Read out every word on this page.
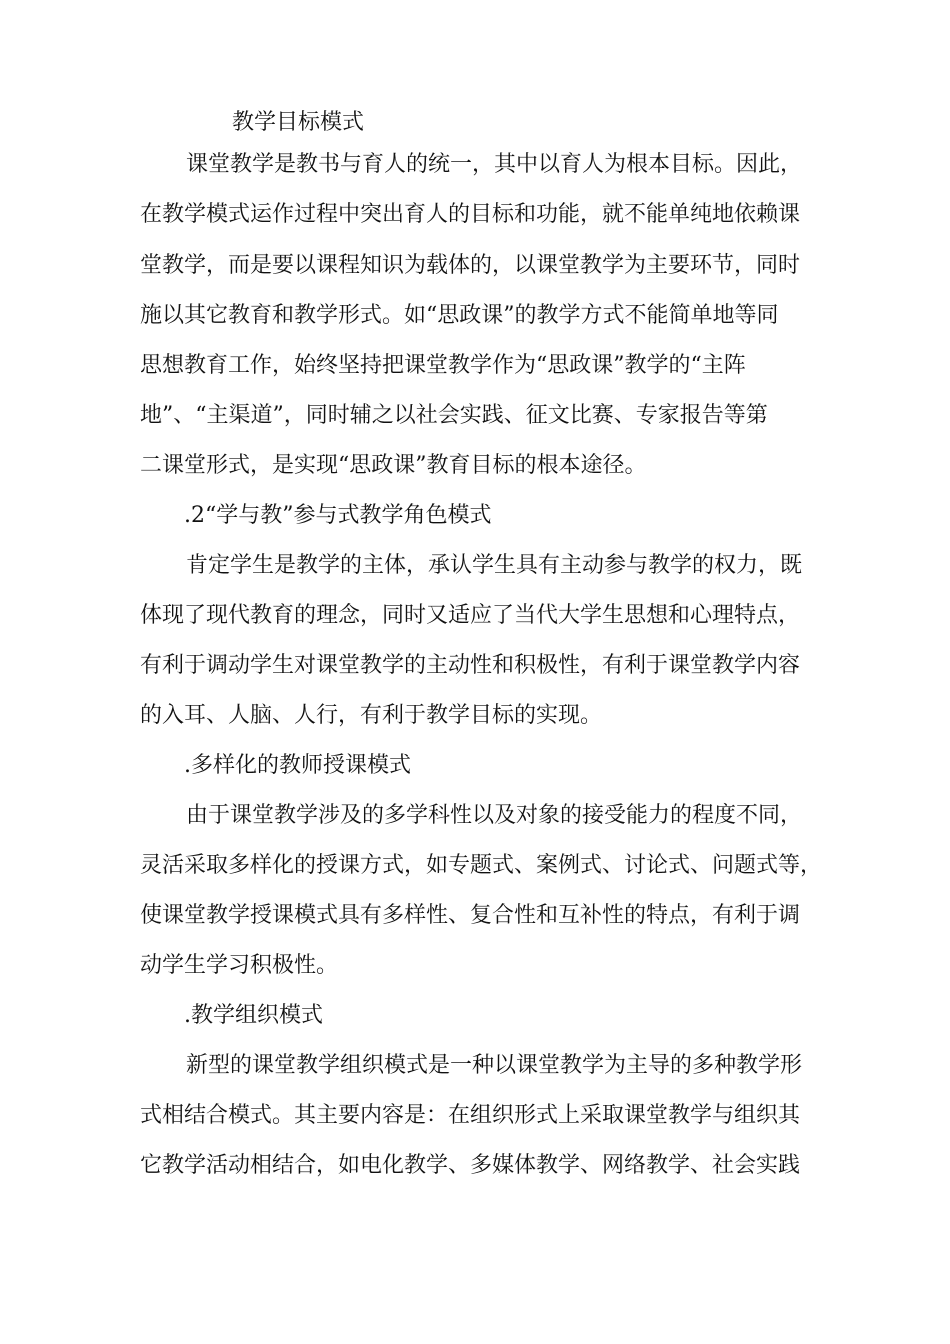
教学目标模式
课堂教学是教书与育人的统一，其中以育人为根本目标。因此，
在教学模式运作过程中突出育人的目标和功能，就不能单纯地依赖课
堂教学，而是要以课程知识为载体的，以课堂教学为主要环节，同时
施以其它教育和教学形式。如“思政课”的教学方式不能简单地等同
思想教育工作，始终坚持把课堂教学作为“思政课”教学的“主阵
地”、“主渠道”，同时辅之以社会实践、征文比赛、专家报告等第
二课堂形式，是实现“思政课”教育目标的根本途径。
.2“学与教”参与式教学角色模式
肯定学生是教学的主体，承认学生具有主动参与教学的权力，既
体现了现代教育的理念，同时又适应了当代大学生思想和心理特点，
有利于调动学生对课堂教学的主动性和积极性，有利于课堂教学内容
的入耳、人脑、人行，有利于教学目标的实现。
.多样化的教师授课模式
由于课堂教学涉及的多学科性以及对象的接受能力的程度不同，
灵活采取多样化的授课方式，如专题式、案例式、讨论式、问题式等，
使课堂教学授课模式具有多样性、复合性和互补性的特点，有利于调
动学生学习积极性。
.教学组织模式
新型的课堂教学组织模式是一种以课堂教学为主导的多种教学形
式相结合模式。其主要内容是：在组织形式上采取课堂教学与组织其
它教学活动相结合，如电化教学、多媒体教学、网络教学、社会实践
